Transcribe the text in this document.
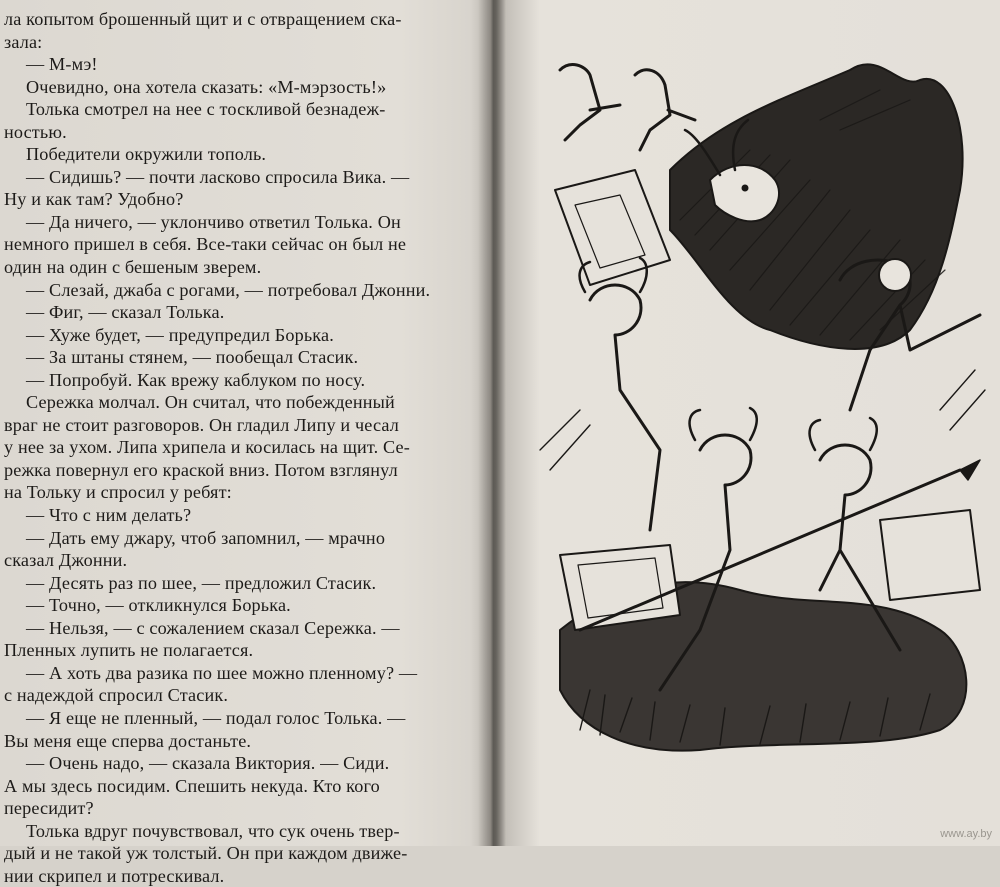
ла копытом брошенный щит и с отвращением ска-
зала:
— М-мэ!
Очевидно, она хотела сказать: «М-мэрзость!»
Толька смотрел на нее с тоскливой безнадеж-
ностью.
Победители окружили тополь.
— Сидишь? — почти ласково спросила Вика. —
Ну и как там? Удобно?
— Да ничего, — уклончиво ответил Толька. Он
немного пришел в себя. Все-таки сейчас он был не
один на один с бешеным зверем.
— Слезай, джаба с рогами, — потребовал Джонни.
— Фиг, — сказал Толька.
— Хуже будет, — предупредил Борька.
— За штаны стянем, — пообещал Стасик.
— Попробуй. Как врежу каблуком по носу.
Сережка молчал. Он считал, что побежденный
враг не стоит разговоров. Он гладил Липу и чесал
у нее за ухом. Липа хрипела и косилась на щит. Се-
режка повернул его краской вниз. Потом взглянул
на Тольку и спросил у ребят:
— Что с ним делать?
— Дать ему джару, чтоб запомнил, — мрачно
сказал Джонни.
— Десять раз по шее, — предложил Стасик.
— Точно, — откликнулся Борька.
— Нельзя, — с сожалением сказал Сережка. —
Пленных лупить не полагается.
— А хоть два разика по шее можно пленному? —
с надеждой спросил Стасик.
— Я еще не пленный, — подал голос Толька. —
Вы меня еще сперва достаньте.
— Очень надо, — сказала Виктория. — Сиди.
А мы здесь посидим. Спешить некуда. Кто кого
пересидит?
Толька вдруг почувствовал, что сук очень твер-
дый и не такой уж толстый. Он при каждом движе-
нии скрипел и потрескивал.
www.ay.by
